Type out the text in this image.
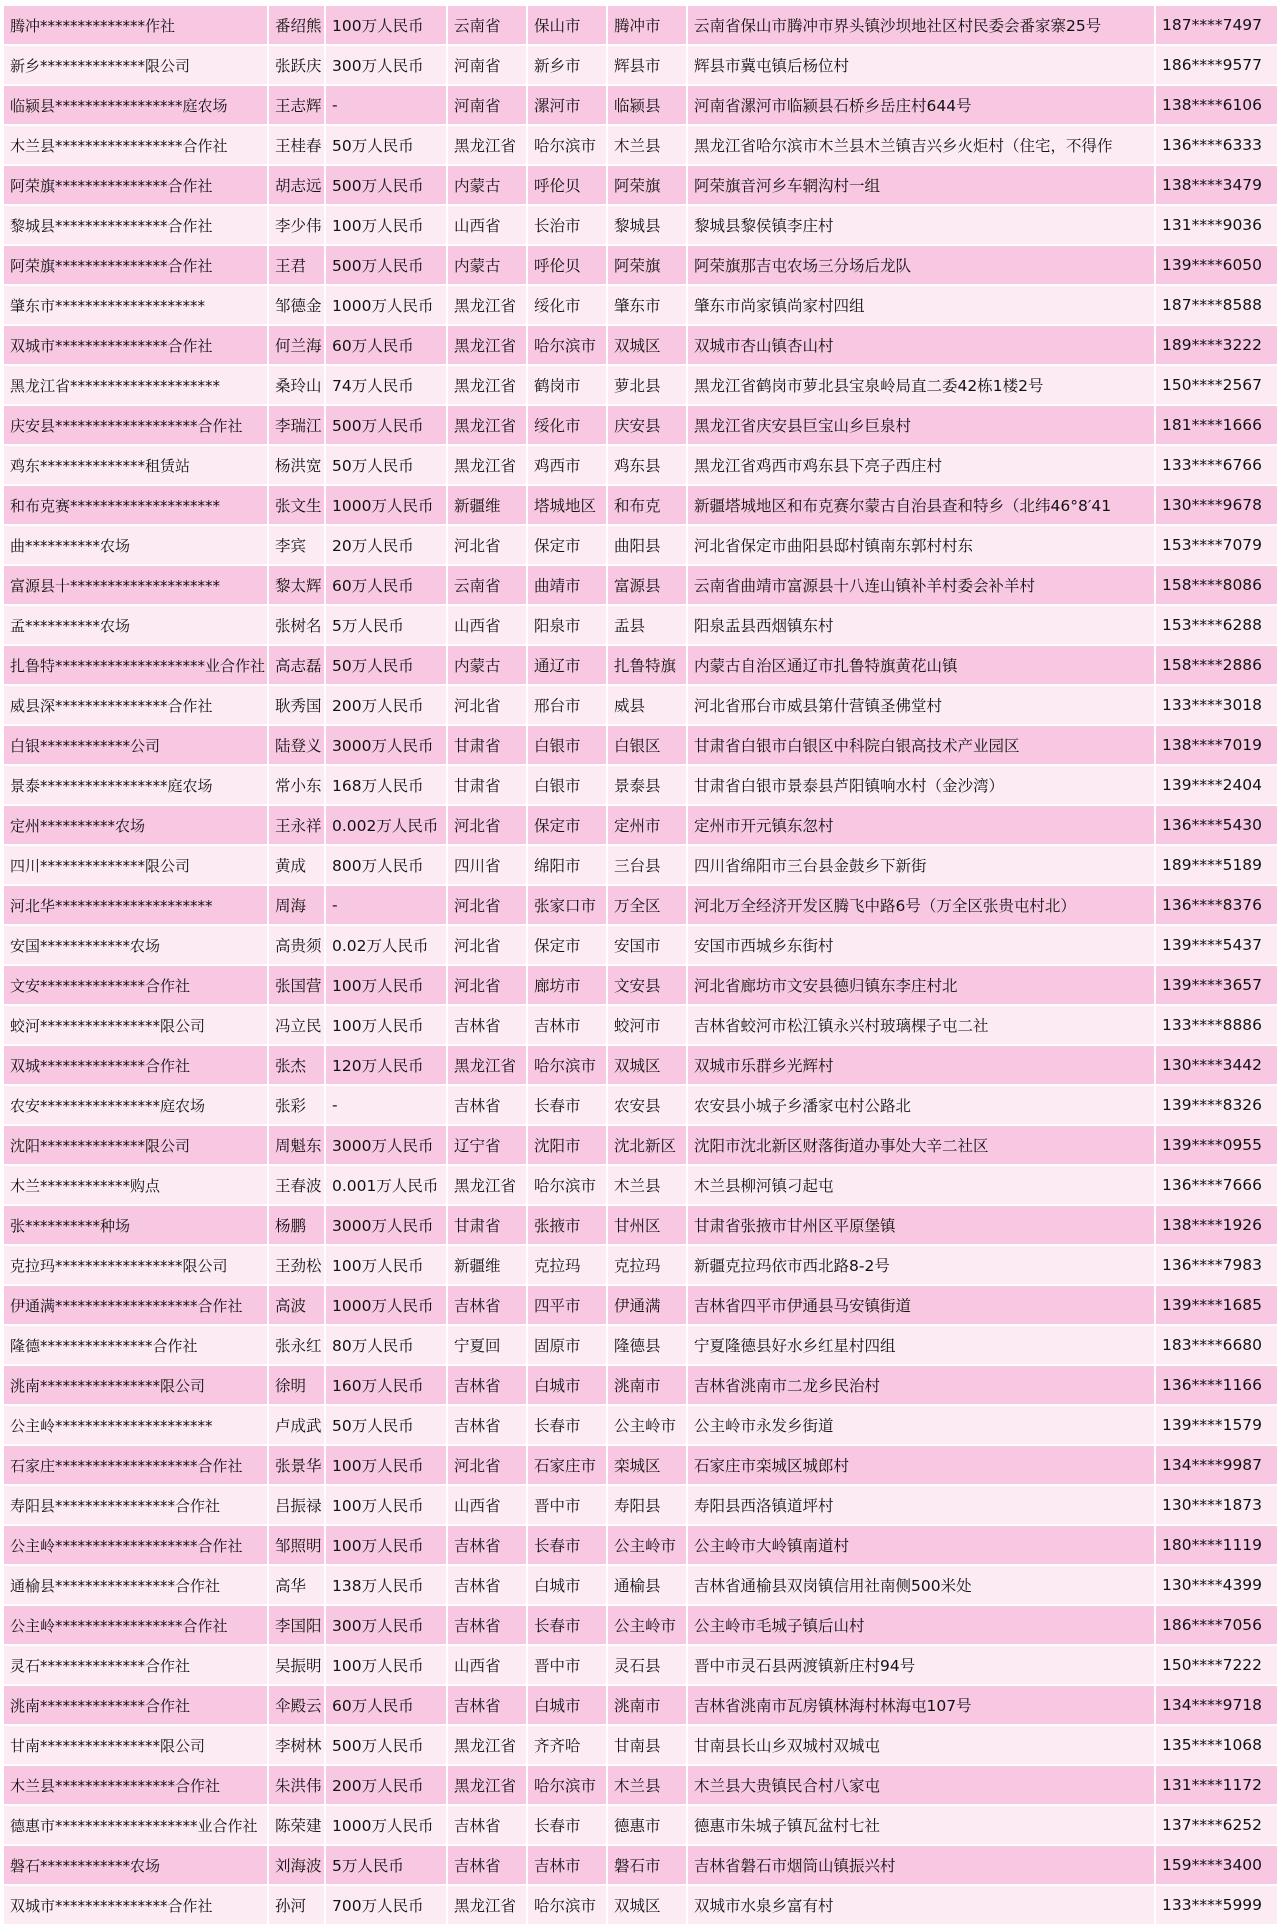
腾冲**************作社	番绍熊	100万人民币	云南省	保山市	腾冲市	云南省保山市腾冲市界头镇沙坝地社区村民委会番家寨25号	187****7497
新乡**************限公司	张跃庆	300万人民币	河南省	新乡市	辉县市	辉县市冀屯镇后杨位村	186****9577
临颍县*****************庭农场	王志辉	-	河南省	漯河市	临颍县	河南省漯河市临颍县石桥乡岳庄村644号	138****6106
木兰县*****************合作社	王桂春	50万人民币	黑龙江省	哈尔滨市	木兰县	黑龙江省哈尔滨市木兰县木兰镇吉兴乡火炬村（住宅，不得作	136****6333
阿荣旗***************合作社	胡志远	500万人民币	内蒙古	呼伦贝	阿荣旗	阿荣旗音河乡车辋沟村一组	138****3479
黎城县***************合作社	李少伟	100万人民币	山西省	长治市	黎城县	黎城县黎侯镇李庄村	131****9036
阿荣旗***************合作社	王君	500万人民币	内蒙古	呼伦贝	阿荣旗	阿荣旗那吉屯农场三分场后龙队	139****6050
肇东市********************	邹德金	1000万人民币	黑龙江省	绥化市	肇东市	肇东市尚家镇尚家村四组	187****8588
双城市***************合作社	何兰海	60万人民币	黑龙江省	哈尔滨市	双城区	双城市杏山镇杏山村	189****3222
黑龙江省********************	桑玲山	74万人民币	黑龙江省	鹤岗市	萝北县	黑龙江省鹤岗市萝北县宝泉岭局直二委42栋1楼2号	150****2567
庆安县*******************合作社	李瑞江	500万人民币	黑龙江省	绥化市	庆安县	黑龙江省庆安县巨宝山乡巨泉村	181****1666
鸡东**************租赁站	杨洪宽	50万人民币	黑龙江省	鸡西市	鸡东县	黑龙江省鸡西市鸡东县下亮子西庄村	133****6766
和布克赛********************	张文生	1000万人民币	新疆维	塔城地区	和布克	新疆塔城地区和布克赛尔蒙古自治县查和特乡（北纬46°8′41	130****9678
曲**********农场	李宾	20万人民币	河北省	保定市	曲阳县	河北省保定市曲阳县邸村镇南东郭村村东	153****7079
富源县十********************	黎太辉	60万人民币	云南省	曲靖市	富源县	云南省曲靖市富源县十八连山镇补羊村委会补羊村	158****8086
孟**********农场	张树名	5万人民币	山西省	阳泉市	盂县	阳泉盂县西烟镇东村	153****6288
扎鲁特********************业合作社	高志磊	50万人民币	内蒙古	通辽市	扎鲁特旗	内蒙古自治区通辽市扎鲁特旗黄花山镇	158****2886
威县深***************合作社	耿秀国	200万人民币	河北省	邢台市	威县	河北省邢台市威县第什营镇圣佛堂村	133****3018
白银************公司	陆登义	3000万人民币	甘肃省	白银市	白银区	甘肃省白银市白银区中科院白银高技术产业园区	138****7019
景泰*****************庭农场	常小东	168万人民币	甘肃省	白银市	景泰县	甘肃省白银市景泰县芦阳镇响水村（金沙湾）	139****2404
定州**********农场	王永祥	0.002万人民币	河北省	保定市	定州市	定州市开元镇东忽村	136****5430
四川**************限公司	黄成	800万人民币	四川省	绵阳市	三台县	四川省绵阳市三台县金鼓乡下新街	189****5189
河北华*********************	周海	-	河北省	张家口市	万全区	河北万全经济开发区腾飞中路6号（万全区张贵屯村北）	136****8376
安国************农场	高贵须	0.02万人民币	河北省	保定市	安国市	安国市西城乡东街村	139****5437
文安**************合作社	张国营	100万人民币	河北省	廊坊市	文安县	河北省廊坊市文安县德归镇东李庄村北	139****3657
蛟河****************限公司	冯立民	100万人民币	吉林省	吉林市	蛟河市	吉林省蛟河市松江镇永兴村玻璃棵子屯二社	133****8886
双城**************合作社	张杰	120万人民币	黑龙江省	哈尔滨市	双城区	双城市乐群乡光辉村	130****3442
农安****************庭农场	张彩	-	吉林省	长春市	农安县	农安县小城子乡潘家屯村公路北	139****8326
沈阳**************限公司	周魁东	3000万人民币	辽宁省	沈阳市	沈北新区	沈阳市沈北新区财落街道办事处大辛二社区	139****0955
木兰************购点	王春波	0.001万人民币	黑龙江省	哈尔滨市	木兰县	木兰县柳河镇刁起屯	136****7666
张**********种场	杨鹏	3000万人民币	甘肃省	张掖市	甘州区	甘肃省张掖市甘州区平原堡镇	138****1926
克拉玛*****************限公司	王劲松	100万人民币	新疆维	克拉玛	克拉玛	新疆克拉玛依市西北路8-2号	136****7983
伊通满*******************合作社	高波	1000万人民币	吉林省	四平市	伊通满	吉林省四平市伊通县马安镇街道	139****1685
隆德***************合作社	张永红	80万人民币	宁夏回	固原市	隆德县	宁夏隆德县好水乡红星村四组	183****6680
洮南****************限公司	徐明	160万人民币	吉林省	白城市	洮南市	吉林省洮南市二龙乡民治村	136****1166
公主岭*********************	卢成武	50万人民币	吉林省	长春市	公主岭市	公主岭市永发乡街道	139****1579
石家庄*******************合作社	张景华	100万人民币	河北省	石家庄市	栾城区	石家庄市栾城区城郎村	134****9987
寿阳县****************合作社	吕振禄	100万人民币	山西省	晋中市	寿阳县	寿阳县西洛镇道坪村	130****1873
公主岭*******************合作社	邹照明	100万人民币	吉林省	长春市	公主岭市	公主岭市大岭镇南道村	180****1119
通榆县****************合作社	高华	138万人民币	吉林省	白城市	通榆县	吉林省通榆县双岗镇信用社南侧500米处	130****4399
公主岭*****************合作社	李国阳	300万人民币	吉林省	长春市	公主岭市	公主岭市毛城子镇后山村	186****7056
灵石**************合作社	吴振明	100万人民币	山西省	晋中市	灵石县	晋中市灵石县两渡镇新庄村94号	150****7222
洮南**************合作社	伞殿云	60万人民币	吉林省	白城市	洮南市	吉林省洮南市瓦房镇林海村林海屯107号	134****9718
甘南****************限公司	李树林	500万人民币	黑龙江省	齐齐哈	甘南县	甘南县长山乡双城村双城屯	135****1068
木兰县****************合作社	朱洪伟	200万人民币	黑龙江省	哈尔滨市	木兰县	木兰县大贵镇民合村八家屯	131****1172
德惠市*******************业合作社	陈荣建	1000万人民币	吉林省	长春市	德惠市	德惠市朱城子镇瓦盆村七社	137****6252
磐石************农场	刘海波	5万人民币	吉林省	吉林市	磐石市	吉林省磐石市烟筒山镇振兴村	159****3400
双城市***************合作社	孙河	700万人民币	黑龙江省	哈尔滨市	双城区	双城市水泉乡富有村	133****5999
